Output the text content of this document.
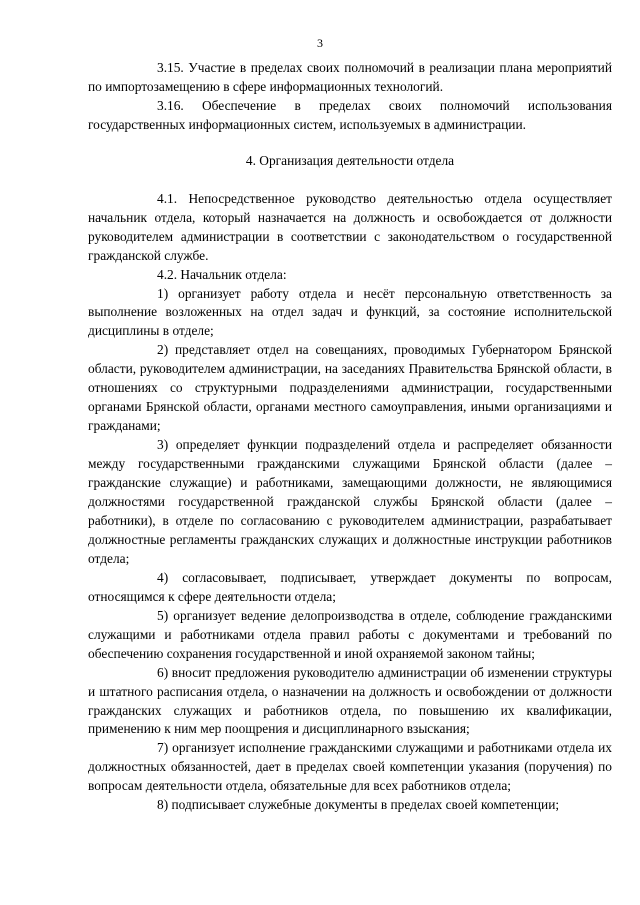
3

3.15. Участие в пределах своих полномочий в реализации плана мероприятий по импортозамещению в сфере информационных технологий.

3.16. Обеспечение в пределах своих полномочий использования государственных информационных систем, используемых в администрации.

4. Организация деятельности отдела

4.1. Непосредственное руководство деятельностью отдела осуществляет начальник отдела, который назначается на должность и освобождается от должности руководителем администрации в соответствии с законодательством о государственной гражданской службе.

4.2. Начальник отдела:

1) организует работу отдела и несёт персональную ответственность за выполнение возложенных на отдел задач и функций, за состояние исполнительской дисциплины в отделе;

2) представляет отдел на совещаниях, проводимых Губернатором Брянской области, руководителем администрации, на заседаниях Правительства Брянской области, в отношениях со структурными подразделениями администрации, государственными органами Брянской области, органами местного самоуправления, иными организациями и гражданами;

3) определяет функции подразделений отдела и распределяет обязанности между государственными гражданскими служащими Брянской области (далее – гражданские служащие) и работниками, замещающими должности, не являющимися должностями государственной гражданской службы Брянской области (далее – работники), в отделе по согласованию с руководителем администрации, разрабатывает должностные регламенты гражданских служащих и должностные инструкции работников отдела;

4) согласовывает, подписывает, утверждает документы по вопросам, относящимся к сфере деятельности отдела;

5) организует ведение делопроизводства в отделе, соблюдение гражданскими служащими и работниками отдела правил работы с документами и требований по обеспечению сохранения государственной и иной охраняемой законом тайны;

6) вносит предложения руководителю администрации об изменении структуры и штатного расписания отдела, о назначении на должность и освобождении от должности гражданских служащих и работников отдела, по повышению их квалификации, применению к ним мер поощрения и дисциплинарного взыскания;

7) организует исполнение гражданскими служащими и работниками отдела их должностных обязанностей, дает в пределах своей компетенции указания (поручения) по вопросам деятельности отдела, обязательные для всех работников отдела;

8) подписывает служебные документы в пределах своей компетенции;
